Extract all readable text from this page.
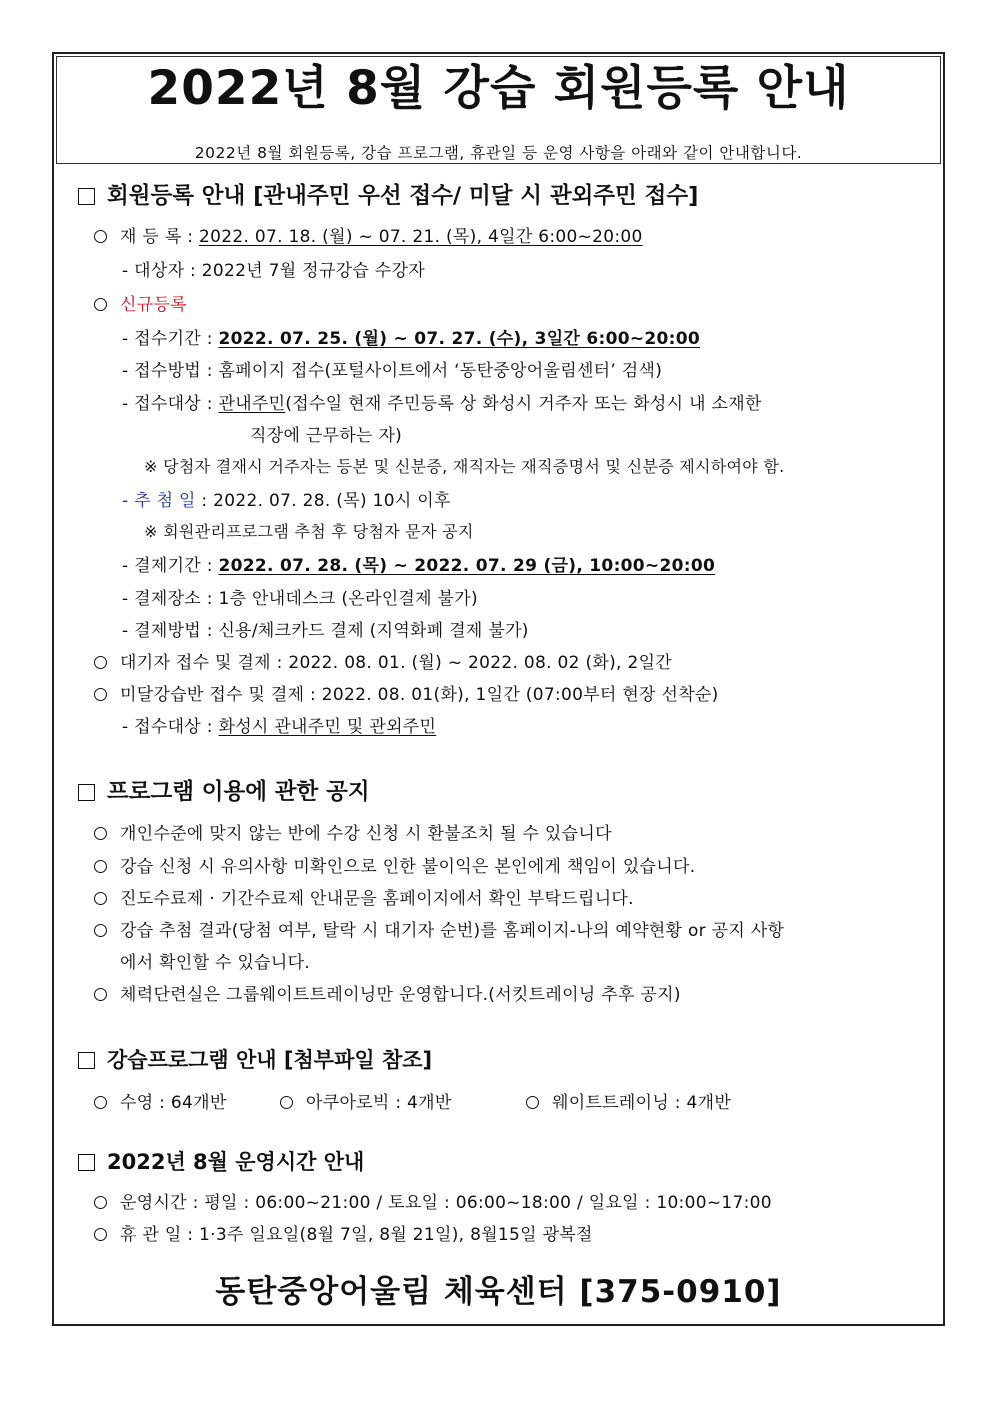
2022년 8월 강습 회원등록 안내
2022년 8월 회원등록, 강습 프로그램, 휴관일 등 운영 사항을 아래와 같이 안내합니다.
회원등록 안내 [관내주민 우선 접수/ 미달 시 관외주민 접수]
재 등 록 : 2022. 07. 18. (월) ~ 07. 21. (목), 4일간 6:00~20:00
- 대상자 : 2022년 7월 정규강습 수강자
신규등록
- 접수기간 : 2022. 07. 25. (월) ~ 07. 27. (수), 3일간 6:00~20:00
- 접수방법 : 홈페이지 접수(포털사이트에서 ‘동탄중앙어울림센터’ 검색)
- 접수대상 : 관내주민(접수일 현재 주민등록 상 화성시 거주자 또는 화성시 내 소재한
직장에 근무하는 자)
※ 당첨자 결재시 거주자는 등본 및 신분증, 재직자는 재직증명서 및 신분증 제시하여야 함.
- 추 첨 일 : 2022. 07. 28. (목) 10시 이후
※ 회원관리프로그램 추첨 후 당첨자 문자 공지
- 결제기간 : 2022. 07. 28. (목) ~ 2022. 07. 29 (금), 10:00~20:00
- 결제장소 : 1층 안내데스크 (온라인결제 불가)
- 결제방법 : 신용/체크카드 결제 (지역화폐 결제 불가)
대기자 접수 및 결제 : 2022. 08. 01. (월) ~ 2022. 08. 02 (화), 2일간
미달강습반 접수 및 결제 : 2022. 08. 01(화), 1일간 (07:00부터 현장 선착순)
- 접수대상 : 화성시 관내주민 및 관외주민
프로그램 이용에 관한 공지
개인수준에 맞지 않는 반에 수강 신청 시 환불조치 될 수 있습니다
강습 신청 시 유의사항 미확인으로 인한 불이익은 본인에게 책임이 있습니다.
진도수료제 · 기간수료제 안내문을 홈페이지에서 확인 부탁드립니다.
강습 추첨 결과(당첨 여부, 탈락 시 대기자 순번)를 홈페이지-나의 예약현황 or 공지 사항
에서 확인할 수 있습니다.
체력단련실은 그룹웨이트트레이닝만 운영합니다.(서킷트레이닝 추후 공지)
강습프로그램 안내 [첨부파일 참조]
수영 : 64개반	아쿠아로빅 : 4개반	웨이트트레이닝 : 4개반
2022년 8월 운영시간 안내
운영시간 : 평일 : 06:00~21:00 / 토요일 : 06:00~18:00 / 일요일 : 10:00~17:00
휴 관 일 : 1·3주 일요일(8월 7일, 8월 21일), 8월15일 광복절
동탄중앙어울림 체육센터 [375-0910]
